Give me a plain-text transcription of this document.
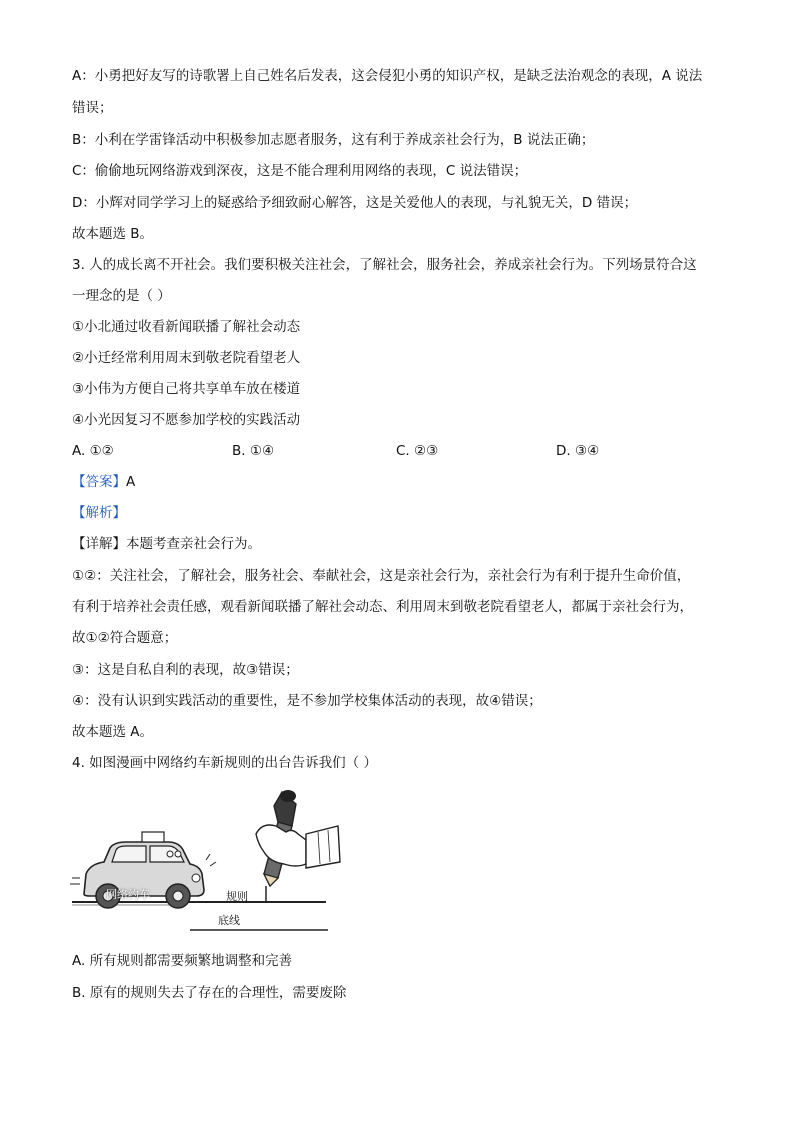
A：小勇把好友写的诗歌署上自己姓名后发表，这会侵犯小勇的知识产权，是缺乏法治观念的表现，A 说法
错误；
B：小利在学雷锋活动中积极参加志愿者服务，这有利于养成亲社会行为，B 说法正确；
C：偷偷地玩网络游戏到深夜，这是不能合理利用网络的表现，C 说法错误；
D：小辉对同学学习上的疑惑给予细致耐心解答，这是关爱他人的表现，与礼貌无关，D 错误；
故本题选 B。
3. 人的成长离不开社会。我们要积极关注社会，了解社会，服务社会，养成亲社会行为。下列场景符合这
一理念的是（ ）
①小北通过收看新闻联播了解社会动态
②小迁经常利用周末到敬老院看望老人
③小伟为方便自己将共享单车放在楼道
④小光因复习不愿参加学校的实践活动
A. ①②	B. ①④	C. ②③	D. ③④
【答案】A
【解析】
【详解】本题考查亲社会行为。
①②：关注社会，了解社会，服务社会、奉献社会，这是亲社会行为，亲社会行为有利于提升生命价值，
有利于培养社会责任感，观看新闻联播了解社会动态、利用周末到敬老院看望老人，都属于亲社会行为，
故①②符合题意；
③：这是自私自利的表现，故③错误；
④：没有认识到实践活动的重要性，是不参加学校集体活动的表现，故④错误；
故本题选 A。
4. 如图漫画中网络约车新规则的出台告诉我们（ ）
网络约车	规则
底线
A. 所有规则都需要频繁地调整和完善
B. 原有的规则失去了存在的合理性，需要废除
